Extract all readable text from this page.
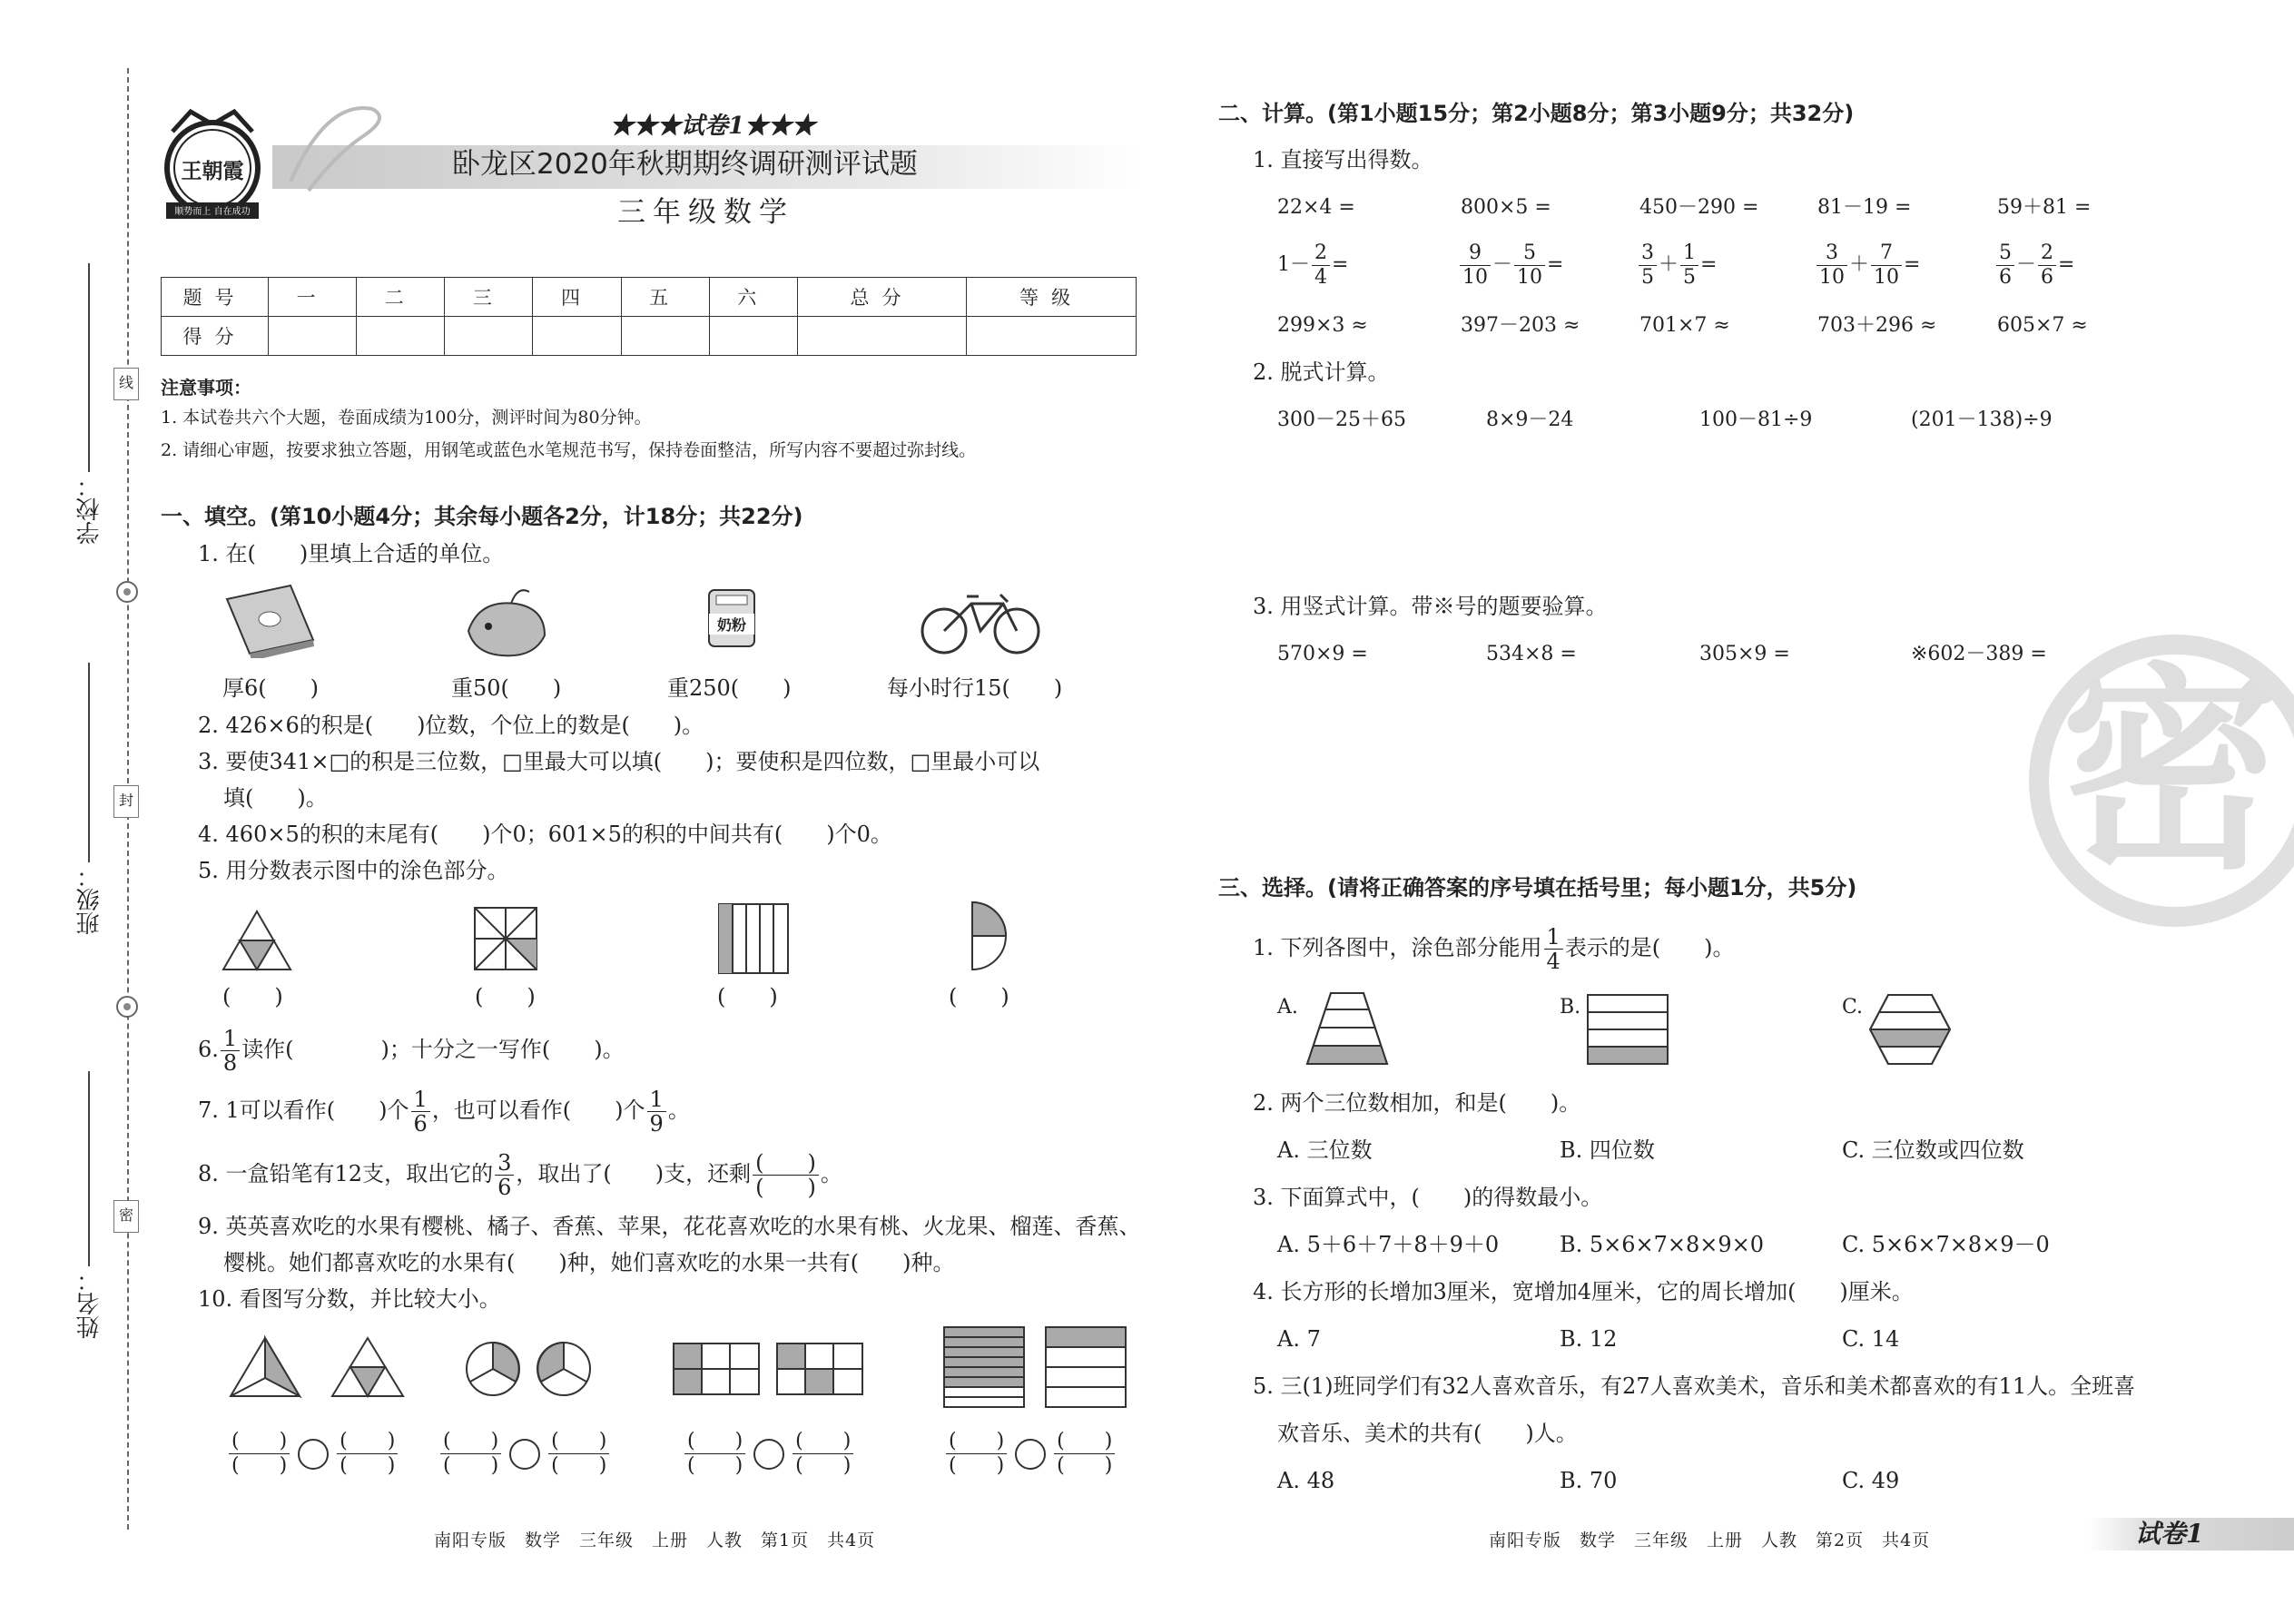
线
封
密
学校：
班级：
姓名：
王朝霞
顺势而上 自在成功
★★★试卷1★★★
卧龙区2020年秋期期终调研测评试题
三年级数学
题号	一	二	三	四	五	六	总分	等级
得分								
注意事项：
1. 本试卷共六个大题，卷面成绩为100分，测评时间为80分钟。
2. 请细心审题，按要求独立答题，用钢笔或蓝色水笔规范书写，保持卷面整洁，所写内容不要超过弥封线。
一、填空。(第10小题4分；其余每小题各2分，计18分；共22分)
1. 在(　　)里填上合适的单位。
奶粉
厚6(　　)	重50(　　)	重250(　　)	每小时行15(　　)
2. 426×6的积是(　　)位数，个位上的数是(　　)。
3. 要使341×□的积是三位数，□里最大可以填(　　)；要使积是四位数，□里最小可以
填(　　)。
4. 460×5的积的末尾有(　　)个0；601×5的积的中间共有(　　)个0。
5. 用分数表示图中的涂色部分。
(　　)	(　　)	(　　)	(　　)
6. $\frac{1}{8}$ 读作(　　　　)；十分之一写作(　　)。
7. 1可以看作(　　)个 $\frac{1}{6}$ ，也可以看作(　　)个 $\frac{1}{9}$ 。
8. 一盒铅笔有12支，取出它的 $\frac{3}{6}$ ，取出了(　　)支，还剩 $\frac{( )}{( )}$ 。
9. 英英喜欢吃的水果有樱桃、橘子、香蕉、苹果，花花喜欢吃的水果有桃、火龙果、榴莲、香蕉、
樱桃。她们都喜欢吃的水果有(　　)种，她们喜欢吃的水果一共有(　　)种。
10. 看图写分数，并比较大小。
$\frac{( )}{( )}$
$\frac{( )}{( )} \frac{( )}{( )}$
$\frac{( )}{( )}$	$\frac{( )}{( )}$
$\frac{( )}{( )}$	$\frac{( )}{( )}$
$\frac{( )}{( )}$
南阳专版　数学　三年级　上册　人教　第1页　共4页
密
二、计算。(第1小题15分；第2小题8分；第3小题9分；共32分)
1. 直接写出得数。
22×4 =	800×5 =	450－290 =	81－19 =	59＋81 =
$1- \frac{2}{4}$ =	$\frac{9}{10} - \frac{5}{10}$ =	$\frac{3}{5} + \frac{1}{5}$ =	$\frac{3}{10} + \frac{7}{10}$ =	$\frac{5}{6} - \frac{2}{6}$ =
299×3 ≈	397－203 ≈	701×7 ≈	703＋296 ≈	605×7 ≈
2. 脱式计算。
300－25＋65	8×9－24	100－81÷9	(201－138)÷9
3. 用竖式计算。带※号的题要验算。
570×9 =	534×8 =	305×9 =	※602－389 =
三、选择。(请将正确答案的序号填在括号里；每小题1分，共5分)
1. 下列各图中，涂色部分能用 $\frac{1}{4}$ 表示的是(　　)。
A.	B.	C.
2. 两个三位数相加，和是(　　)。
A. 三位数	B. 四位数	C. 三位数或四位数
3. 下面算式中，(　　)的得数最小。
A. 5＋6＋7＋8＋9＋0	B. 5×6×7×8×9×0	C. 5×6×7×8×9－0
4. 长方形的长增加3厘米，宽增加4厘米，它的周长增加(　　)厘米。
A. 7	B. 12	C. 14
5. 三(1)班同学们有32人喜欢音乐，有27人喜欢美术，音乐和美术都喜欢的有11人。全班喜
欢音乐、美术的共有(　　)人。
A. 48	B. 70	C. 49
南阳专版　数学　三年级　上册　人教　第2页　共4页	试卷1
